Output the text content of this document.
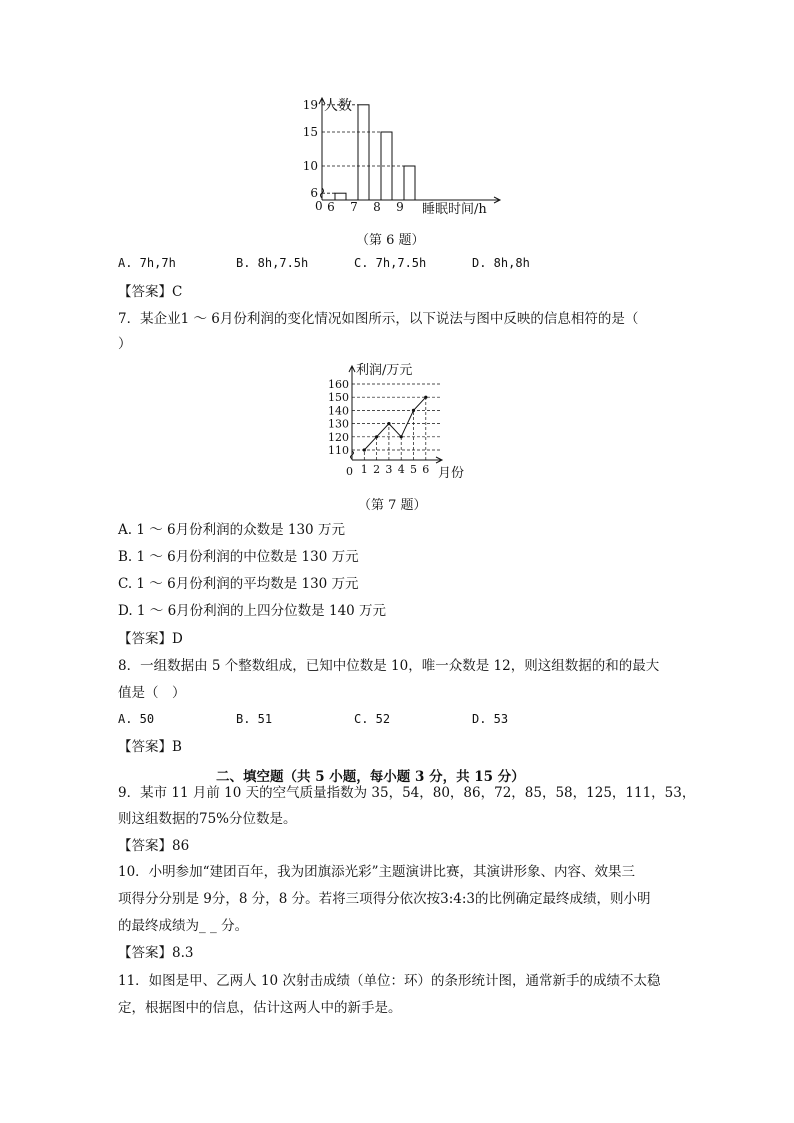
6
10
15
19
6 7 8 9
人数
睡眠时间/h
0
（第 6 题）
A. 7h,7h	B. 8h,7.5h	C. 7h,7.5h	D. 8h,8h
【答案】C
7．某企业1 ～ 6月份利润的变化情况如图所示，以下说法与图中反映的信息相符的是（
）
110
120
130
140
150
160
1 2 3 4 5 6
利润/万元
月份
0
（第 7 题）
A. 1 ～ 6月份利润的众数是 130 万元
B. 1 ～ 6月份利润的中位数是 130 万元
C. 1 ～ 6月份利润的平均数是 130 万元
D. 1 ～ 6月份利润的上四分位数是 140 万元
【答案】D
8．一组数据由 5 个整数组成，已知中位数是 10，唯一众数是 12，则这组数据的和的最大
值是（　）
A. 50	B. 51	C. 52	D. 53
【答案】B
二、填空题（共 5 小题，每小题 3 分，共 15 分）
9．某市 11 月前 10 天的空气质量指数为 35，54，80，86，72，85，58，125，111，53，
则这组数据的75%分位数是。
【答案】86
10．小明参加“建团百年，我为团旗添光彩”主题演讲比赛，其演讲形象、内容、效果三
项得分分别是 9分，8 分，8 分。若将三项得分依次按3:4:3的比例确定最终成绩，则小明
的最终成绩为_ _ 分。
【答案】8.3
11．如图是甲、乙两人 10 次射击成绩（单位：环）的条形统计图，通常新手的成绩不太稳
定，根据图中的信息，估计这两人中的新手是。
